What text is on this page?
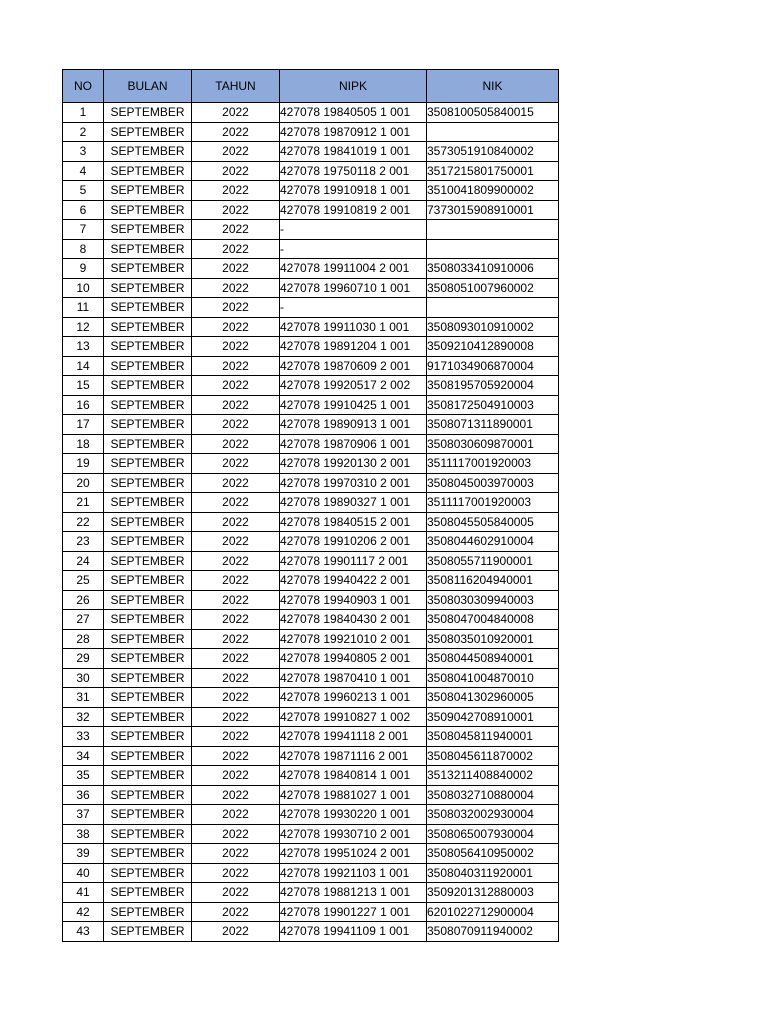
NO	BULAN	TAHUN	NIPK	NIK
1	SEPTEMBER	2022	427078 19840505 1 001	3508100505840015
2	SEPTEMBER	2022	427078 19870912 1 001	
3	SEPTEMBER	2022	427078 19841019 1 001	3573051910840002
4	SEPTEMBER	2022	427078 19750118 2 001	3517215801750001
5	SEPTEMBER	2022	427078 19910918 1 001	3510041809900002
6	SEPTEMBER	2022	427078 19910819 2 001	7373015908910001
7	SEPTEMBER	2022	-	
8	SEPTEMBER	2022	-	
9	SEPTEMBER	2022	427078 19911004 2 001	3508033410910006
10	SEPTEMBER	2022	427078 19960710 1 001	3508051007960002
11	SEPTEMBER	2022	-	
12	SEPTEMBER	2022	427078 19911030 1 001	3508093010910002
13	SEPTEMBER	2022	427078 19891204 1 001	3509210412890008
14	SEPTEMBER	2022	427078 19870609 2 001	9171034906870004
15	SEPTEMBER	2022	427078 19920517 2 002	3508195705920004
16	SEPTEMBER	2022	427078 19910425 1 001	3508172504910003
17	SEPTEMBER	2022	427078 19890913 1 001	3508071311890001
18	SEPTEMBER	2022	427078 19870906 1 001	3508030609870001
19	SEPTEMBER	2022	427078 19920130 2 001	3511117001920003
20	SEPTEMBER	2022	427078 19970310 2 001	3508045003970003
21	SEPTEMBER	2022	427078 19890327 1 001	3511117001920003
22	SEPTEMBER	2022	427078 19840515 2 001	3508045505840005
23	SEPTEMBER	2022	427078 19910206 2 001	3508044602910004
24	SEPTEMBER	2022	427078 19901117 2 001	3508055711900001
25	SEPTEMBER	2022	427078 19940422 2 001	3508116204940001
26	SEPTEMBER	2022	427078 19940903 1 001	3508030309940003
27	SEPTEMBER	2022	427078 19840430 2 001	3508047004840008
28	SEPTEMBER	2022	427078 19921010 2 001	3508035010920001
29	SEPTEMBER	2022	427078 19940805 2 001	3508044508940001
30	SEPTEMBER	2022	427078 19870410 1 001	3508041004870010
31	SEPTEMBER	2022	427078 19960213 1 001	3508041302960005
32	SEPTEMBER	2022	427078 19910827 1 002	3509042708910001
33	SEPTEMBER	2022	427078 19941118 2 001	3508045811940001
34	SEPTEMBER	2022	427078 19871116 2 001	3508045611870002
35	SEPTEMBER	2022	427078 19840814 1 001	3513211408840002
36	SEPTEMBER	2022	427078 19881027 1 001	3508032710880004
37	SEPTEMBER	2022	427078 19930220 1 001	3508032002930004
38	SEPTEMBER	2022	427078 19930710 2 001	3508065007930004
39	SEPTEMBER	2022	427078 19951024 2 001	3508056410950002
40	SEPTEMBER	2022	427078 19921103 1 001	3508040311920001
41	SEPTEMBER	2022	427078 19881213 1 001	3509201312880003
42	SEPTEMBER	2022	427078 19901227 1 001	6201022712900004
43	SEPTEMBER	2022	427078 19941109 1 001	3508070911940002
